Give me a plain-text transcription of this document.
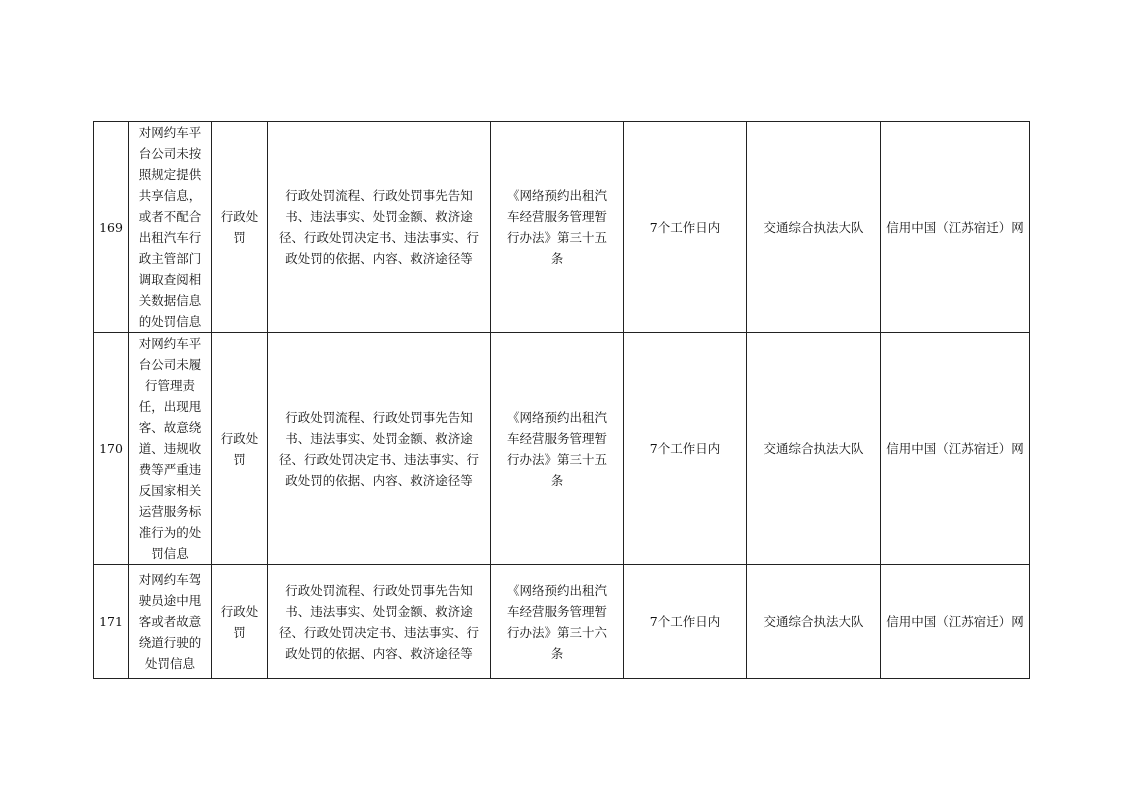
169	对网约车平台公司未按照规定提供共享信息，或者不配合出租汽车行政主管部门调取查阅相关数据信息的处罚信息	行政处罚	行政处罚流程、行政处罚事先告知书、违法事实、处罚金额、救济途径、行政处罚决定书、违法事实、行政处罚的依据、内容、救济途径等	《网络预约出租汽车经营服务管理暂行办法》第三十五条	7个工作日内	交通综合执法大队	信用中国（江苏宿迁）网
170	对网约车平台公司未履行管理责任，出现甩客、故意绕道、违规收费等严重违反国家相关运营服务标准行为的处罚信息	行政处罚	行政处罚流程、行政处罚事先告知书、违法事实、处罚金额、救济途径、行政处罚决定书、违法事实、行政处罚的依据、内容、救济途径等	《网络预约出租汽车经营服务管理暂行办法》第三十五条	7个工作日内	交通综合执法大队	信用中国（江苏宿迁）网
171	对网约车驾驶员途中甩客或者故意绕道行驶的处罚信息	行政处罚	行政处罚流程、行政处罚事先告知书、违法事实、处罚金额、救济途径、行政处罚决定书、违法事实、行政处罚的依据、内容、救济途径等	《网络预约出租汽车经营服务管理暂行办法》第三十六条	7个工作日内	交通综合执法大队	信用中国（江苏宿迁）网
